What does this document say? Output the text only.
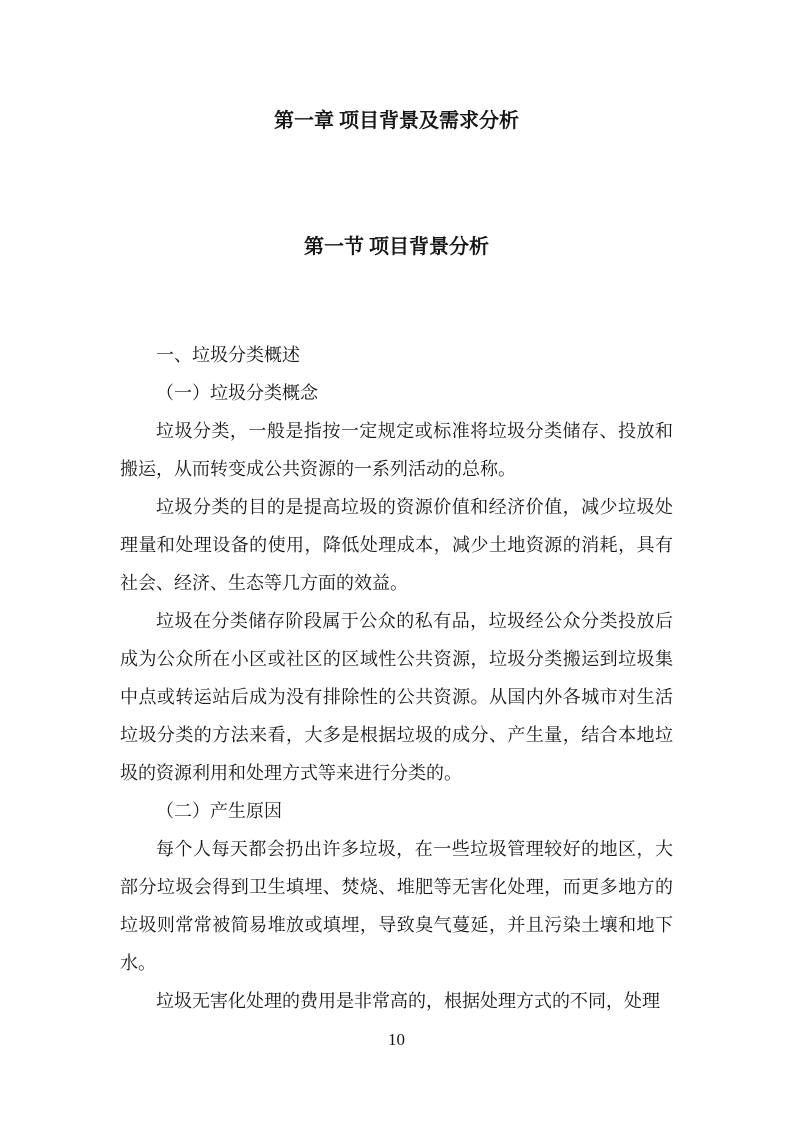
第一章 项目背景及需求分析
第一节 项目背景分析
一、垃圾分类概述
（一）垃圾分类概念
垃圾分类，一般是指按一定规定或标准将垃圾分类储存、投放和搬运，从而转变成公共资源的一系列活动的总称。
垃圾分类的目的是提高垃圾的资源价值和经济价值，减少垃圾处理量和处理设备的使用，降低处理成本，减少土地资源的消耗，具有社会、经济、生态等几方面的效益。
垃圾在分类储存阶段属于公众的私有品，垃圾经公众分类投放后成为公众所在小区或社区的区域性公共资源，垃圾分类搬运到垃圾集中点或转运站后成为没有排除性的公共资源。从国内外各城市对生活垃圾分类的方法来看，大多是根据垃圾的成分、产生量，结合本地垃圾的资源利用和处理方式等来进行分类的。
（二）产生原因
每个人每天都会扔出许多垃圾，在一些垃圾管理较好的地区，大部分垃圾会得到卫生填埋、焚烧、堆肥等无害化处理，而更多地方的垃圾则常常被简易堆放或填埋，导致臭气蔓延，并且污染土壤和地下水。
垃圾无害化处理的费用是非常高的，根据处理方式的不同，处理
10
